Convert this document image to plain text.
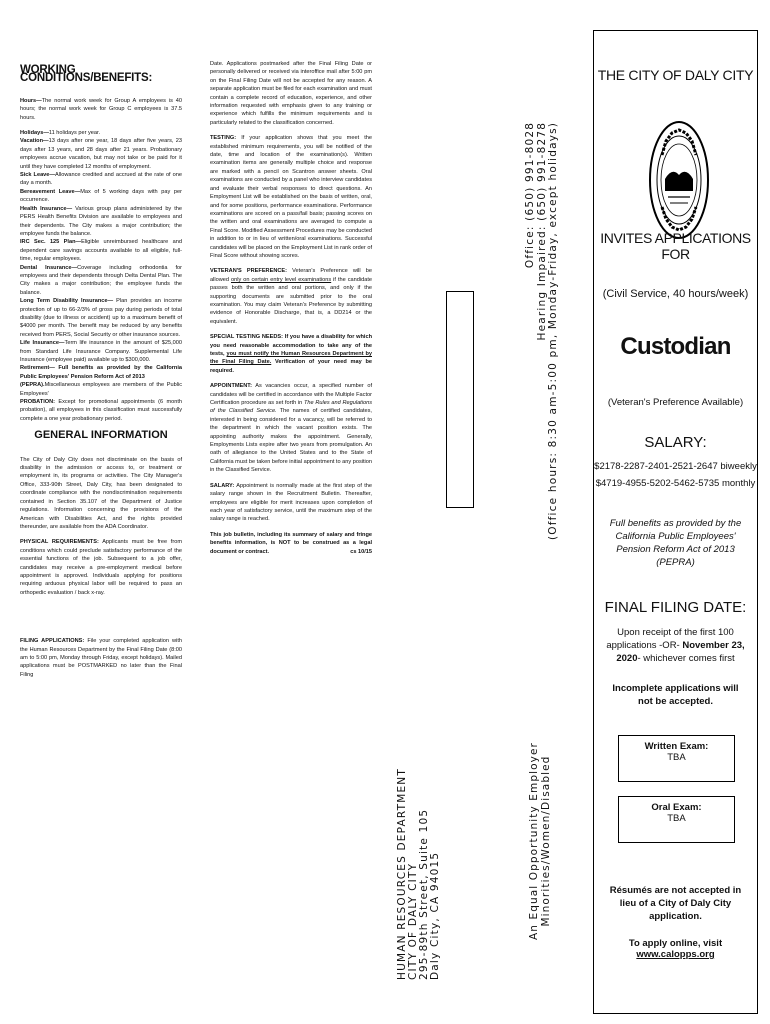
WORKING CONDITIONS/BENEFITS:

Hours—The normal work week for Group A employees is 40 hours; the normal work week for Group C employees is 37.5 hours.

Holidays—11 holidays per year.

Vacation—13 days after one year, 18 days after five years, 23 days after 13 years, and 28 days after 21 years. Probationary employees accrue vacation, but may not take or be paid for it until they have completed 12 months of employment.

Sick Leave—Allowance credited and accrued at the rate of one day a month.

Bereavement Leave—Max of 5 working days with pay per occurrence.

Health Insurance— Various group plans administered by the PERS Health Benefits Division are available to employees and their dependents. The City makes a major contribution; the employee funds the balance.

IRC Sec. 125 Plan—Eligible unreimbursed healthcare and dependent care savings accounts available to all eligible, full-time, regular employees.

Dental Insurance—Coverage including orthodontia for employees and their dependents through Delta Dental Plan. The City makes a major contribution; the employee funds the balance.

Long Term Disability Insurance— Plan provides an income protection of up to 66-2/3% of gross pay during periods of total disability (due to illness or accident) up to a maximum benefit of $4000 per month. The benefit may be reduced by any benefits received from PERS, Social Security or other insurance sources.

Life Insurance—Term life insurance in the amount of $25,000 from Standard Life Insurance Company. Supplemental Life Insurance (employee paid) available up to $300,000.

Retirement— Full benefits as provided by the California Public Employees' Pension Reform Act of 2013

(PEPRA).Miscellaneous employees are members of the Public Employees'

PROBATION: Except for promotional appointments (6 month probation), all employees in this classification must successfully complete a one year probationary period.

GENERAL INFORMATION

The City of Daly City does not discriminate on the basis of disability in the admission or access to, or treatment or employment in, its programs or activities. The City Manager's Office, 333-90th Street, Daly City, has been designated to coordinate compliance with the nondiscrimination requirements contained in Section 35.107 of the Department of Justice regulations. Information concerning the provisions of the American with Disabilities Act, and the rights provided thereunder, are available from the ADA Coordinator.

PHYSICAL REQUIREMENTS: Applicants must be free from conditions which could preclude satisfactory performance of the essential functions of the job. Subsequent to a job offer, candidates may receive a pre-employment medical before appointment is approved. Individuals applying for positions requiring arduous physical labor will be required to pass an orthopedic evaluation / back x-ray.

FILING APPLICATIONS: File your completed application with the Human Resources Department by the Final Filing Date (8:00 am to 5:00 pm, Monday through Friday, except holidays). Mailed applications must be POSTMARKED no later than the Final Filing

Date. Applications postmarked after the Final Filing Date or personally delivered or received via interoffice mail after 5:00 pm on the Final Filing Date will not be accepted for any reason. A separate application must be filed for each examination and must contain a complete record of education, experience, and other information requested with emphasis given to any training or experience which fulfills the minimum requirements and is particularly related to the classification concerned.

TESTING: If your application shows that you meet the established minimum requirements, you will be notified of the date, time and location of the examination(s). Written examination items are generally multiple choice and response are marked with a pencil on Scantron answer sheets. Oral examinations are conducted by a panel who interview candidates and evaluate their verbal responses to direct questions. An Employment List will be established on the basis of written, oral, and for some positions, performance examinations. Performance examinations are scored on a pass/fail basis; passing scores on the written and oral examinations are averaged to compute a Final Score. Modified Assessment Procedures may be conducted in addition to or in lieu of written/oral examinations. Successful candidates will be placed on the Employment List in rank order of Final Score without showing scores.

VETERAN'S PREFERENCE: Veteran's Preference will be allowed only on certain entry level examinations if the candidate passes both the written and oral portions, and only if the supporting documents are submitted prior to the oral examination. You may claim Veteran's Preference by submitting evidence of Honorable Discharge, that is, a DD214 or the equivalent.

SPECIAL TESTING NEEDS: If you have a disability for which you need reasonable accommodation to take any of the tests, you must notify the Human Resources Department by the Final Filing Date. Verification of your need may be required.

APPOINTMENT: As vacancies occur, a specified number of candidates will be certified in accordance with the Multiple Factor Certification procedure as set forth in The Rules and Regulations of the Classified Service. The names of certified candidates, interested in being considered for a vacancy, will be referred to the department in which the vacant position exists. The appointing authority makes the appointment. Generally, Employments Lists expire after two years from promulgation. An oath of allegiance to the United States and to the State of California must be taken before initial appointment to any position in the Classified Service.

SALARY: Appointment is normally made at the first step of the salary range shown in the Recruitment Bulletin. Thereafter, employees are eligible for merit increases upon completion of each year of satisfactory service, until the maximum step of the salary range is reached.

This job bulletin, including its summary of salary and fringe benefits information, is NOT to be construed as a legal document or contract.	cs 10/15

HUMAN RESOURCES DEPARTMENT CITY OF DALY CITY 295-89th Street, Suite 105 Daly City, CA 94015
Office: (650) 991-8028 Hearing Impaired: (650) 991-8278 (Office hours: 8:30 am-5:00 pm, Monday-Friday, except holidays)
An Equal Opportunity Employer Minorities/Women/Disabled
THE CITY OF DALY CITY
INVITES APPLICATIONS FOR
(Civil Service, 40 hours/week)
Custodian
(Veteran's Preference Available)
SALARY:
$2178-2287-2401-2521-2647 biweekly
$4719-4955-5202-5462-5735 monthly
Full benefits as provided by the California Public Employees' Pension Reform Act of 2013 (PEPRA)
FINAL FILING DATE:
Upon receipt of the first 100 applications -OR- November 23, 2020- whichever comes first
Incomplete applications will not be accepted.
Written Exam:
TBA
Oral Exam:
TBA
Résumés are not accepted in lieu of a City of Daly City application.
To apply online, visit www.calopps.org
